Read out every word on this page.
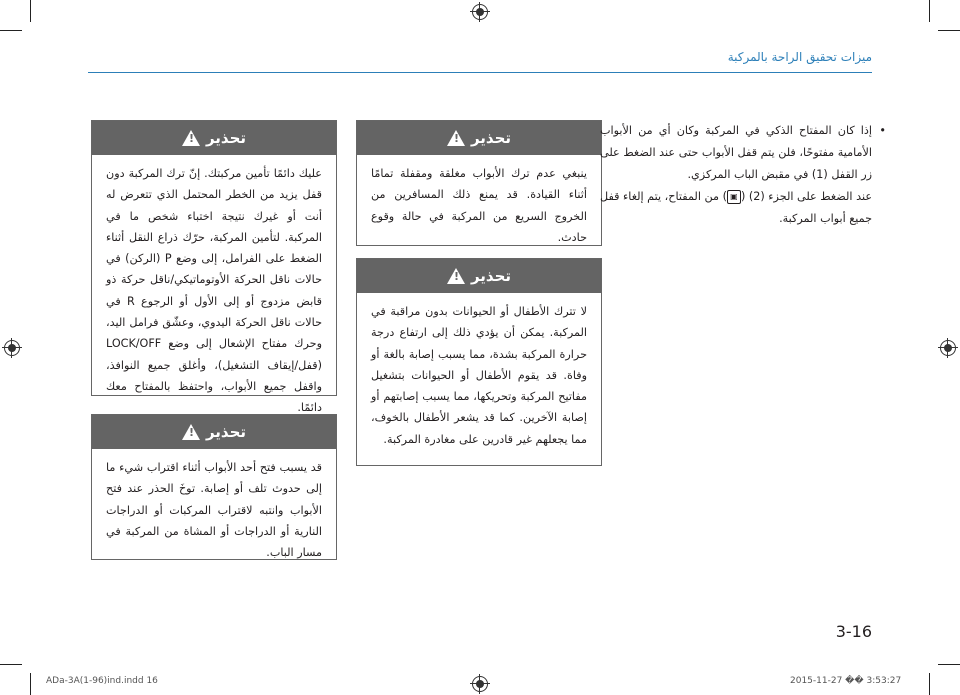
ميزات تحقيق الراحة بالمركبة
تحذير
!
عليك دائمًا تأمين مركبتك. إنّ ترك المركبة دون قفل يزيد من الخطر المحتمل الذي تتعرض له أنت أو غيرك نتيجة اختباء شخص ما في المركبة. لتأمين المركبة، حرّك ذراع النقل أثناء الضغط على الفرامل، إلى وضع P (الركن) في حالات ناقل الحركة الأوتوماتيكي/ناقل حركة ذو قابض مزدوج أو إلى الأول أو الرجوع R في حالات ناقل الحركة اليدوي، وعشّق فرامل اليد، وحرك مفتاح الإشعال إلى وضع LOCK/OFF (قفل/إيقاف التشغيل)، وأغلق جميع النوافذ، واقفل جميع الأبواب، واحتفظ بالمفتاح معك دائمًا.
تحذير
!
قد يسبب فتح أحد الأبواب أثناء اقتراب شيء ما إلى حدوث تلف أو إصابة. توخَ الحذر عند فتح الأبواب وانتبه لاقتراب المركبات أو الدراجات النارية أو الدراجات أو المشاة من المركبة في مسار الباب.
تحذير
!
ينبغي عدم ترك الأبواب مغلقة ومقفلة تمامًا أثناء القيادة. قد يمنع ذلك المسافرين من الخروج السريع من المركبة في حالة وقوع حادث.
تحذير
!
لا تترك الأطفال أو الحيوانات بدون مراقبة في المركبة. يمكن أن يؤدي ذلك إلى ارتفاع درجة حرارة المركبة بشدة، مما يسبب إصابة بالغة أو وفاة. قد يقوم الأطفال أو الحيوانات بتشغيل مفاتيح المركبة وتحريكها، مما يسبب إصابتهم أو إصابة الآخرين. كما قد يشعر الأطفال بالخوف، مما يجعلهم غير قادرين على مغادرة المركبة.
•
إذا كان المفتاح الذكي في المركبة وكان أي من الأبواب الأمامية مفتوحًا، فلن يتم قفل الأبواب حتى عند الضغط على زر القفل (1) في مقبض الباب المركزي.
عند الضغط على الجزء (2) (▣) من المفتاح، يتم إلغاء قفل جميع أبواب المركبة.
3-16
ADa-3A(1-96)ind.indd 16	2015-11-27 �� 3:53:27
